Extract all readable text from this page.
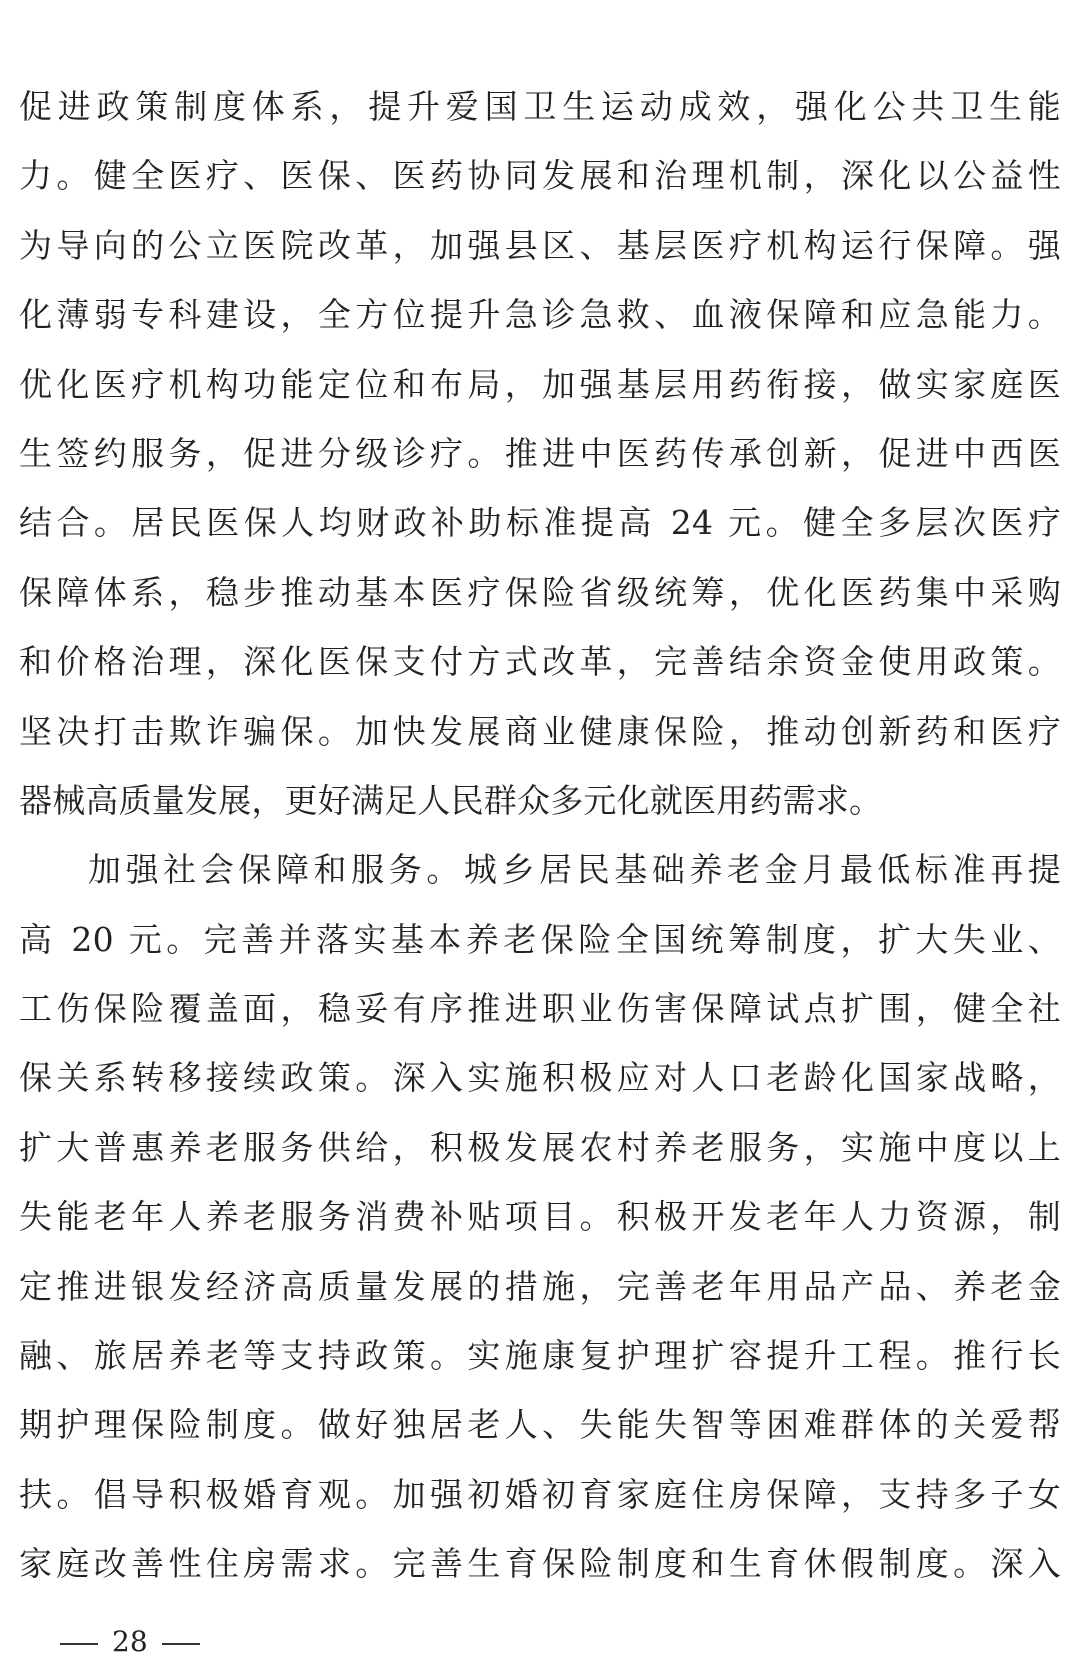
促进政策制度体系，提升爱国卫生运动成效，强化公共卫生能
力。健全医疗、医保、医药协同发展和治理机制，深化以公益性
为导向的公立医院改革，加强县区、基层医疗机构运行保障。强
化薄弱专科建设，全方位提升急诊急救、血液保障和应急能力。
优化医疗机构功能定位和布局，加强基层用药衔接，做实家庭医
生签约服务，促进分级诊疗。推进中医药传承创新，促进中西医
结合。居民医保人均财政补助标准提高 24 元。健全多层次医疗
保障体系，稳步推动基本医疗保险省级统筹，优化医药集中采购
和价格治理，深化医保支付方式改革，完善结余资金使用政策。
坚决打击欺诈骗保。加快发展商业健康保险，推动创新药和医疗
器械高质量发展，更好满足人民群众多元化就医用药需求。
加强社会保障和服务。城乡居民基础养老金月最低标准再提
高 20 元。完善并落实基本养老保险全国统筹制度，扩大失业、
工伤保险覆盖面，稳妥有序推进职业伤害保障试点扩围，健全社
保关系转移接续政策。深入实施积极应对人口老龄化国家战略，
扩大普惠养老服务供给，积极发展农村养老服务，实施中度以上
失能老年人养老服务消费补贴项目。积极开发老年人力资源，制
定推进银发经济高质量发展的措施，完善老年用品产品、养老金
融、旅居养老等支持政策。实施康复护理扩容提升工程。推行长
期护理保险制度。做好独居老人、失能失智等困难群体的关爱帮
扶。倡导积极婚育观。加强初婚初育家庭住房保障，支持多子女
家庭改善性住房需求。完善生育保险制度和生育休假制度。深入
28
